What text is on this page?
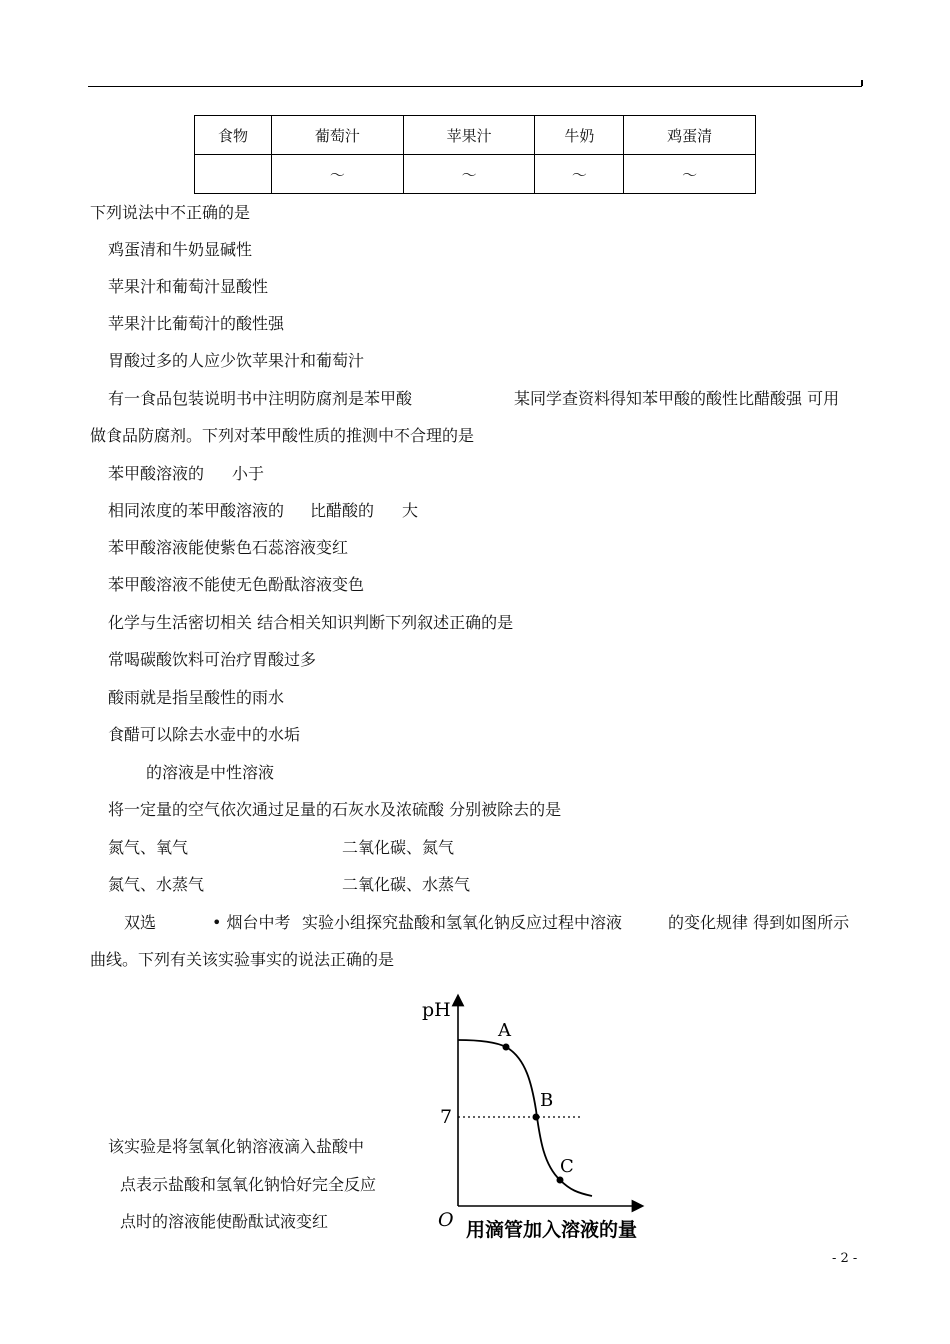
食物	葡萄汁	苹果汁	牛奶	鸡蛋清
	～	～	～	～
下列说法中不正确的是
鸡蛋清和牛奶显碱性
苹果汁和葡萄汁显酸性
苹果汁比葡萄汁的酸性强
胃酸过多的人应少饮苹果汁和葡萄汁
有一食品包装说明书中注明防腐剂是苯甲酸	某同学查资料得知苯甲酸的酸性比醋酸强 可用
做食品防腐剂。下列对苯甲酸性质的推测中不合理的是
苯甲酸溶液的 小于
相同浓度的苯甲酸溶液的 比醋酸的 大
苯甲酸溶液能使紫色石蕊溶液变红
苯甲酸溶液不能使无色酚酞溶液变色
化学与生活密切相关 结合相关知识判断下列叙述正确的是
常喝碳酸饮料可治疗胃酸过多
酸雨就是指呈酸性的雨水
食醋可以除去水壶中的水垢
的溶液是中性溶液
将一定量的空气依次通过足量的石灰水及浓硫酸 分别被除去的是
氮气、氧气	二氧化碳、氮气
氮气、水蒸气	二氧化碳、水蒸气
双选	• 烟台中考 实验小组探究盐酸和氢氧化钠反应过程中溶液	的变化规律 得到如图所示
曲线。下列有关该实验事实的说法正确的是
该实验是将氢氧化钠溶液滴入盐酸中
点表示盐酸和氢氧化钠恰好完全反应
点时的溶液能使酚酞试液变红
pH
O
7
A
B
C
用滴管加入溶液的量
- 2 -
